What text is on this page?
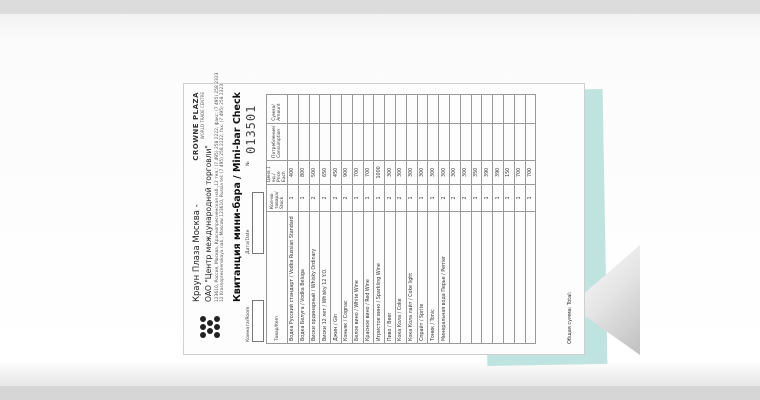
Краун Плаза Москва - ОАО "Центр международной торговли" 123610, Россия, Москва, Краснопресненская наб.,12 тел.: (7 495) 258 2222, факс: (7 495) 258 2323 12 Krasnopresnenskaya nab., Moscow 123610, Russia tel: (7 495) 258 2222, fax: (7 495) 258 2323
CROWNE PLAZA WORLD TRADE CENTRE	Квитанция мини-бара / Mini-bar Check
Комната/Room
Дата/Date
№
013501
Товар/Item	Кол-во товара/ Stock	Цена 1 ед./ Price Each	Потребление/ Consumption	Сумма/ Amount
Водка Русский стандарт / Vodka Russian Standard	1	400		
Водка Белуга / Vodka Beluga	1	800		
Виски ординарный / Whisky Ordinary	2	500		
Виски 12 лет / Whisky 12 Y.O.	2	650		
Джин / Gin	2	450		
Коньяк / Cognac	2	900		
Белое вино / White Wine	1	700		
Красное вино / Red Wine	1	700		
Игристое вино / Sparkling Wine	1	1000		
Пиво / Beer	2	300		
Кока Кола / Coke	2	300		
Кока Кола лайт / Coke light	1	300		
Спрайт / Sprite	1	300		
Тоник / Tonic	1	300		
Минеральная вода Перье / Perrier	2	300		
	2	300		
	2	300		
	1	350		
	1	390		
	1	390		
	1	150		
	1	700		
	1	700		
Общая сумма: Total:
